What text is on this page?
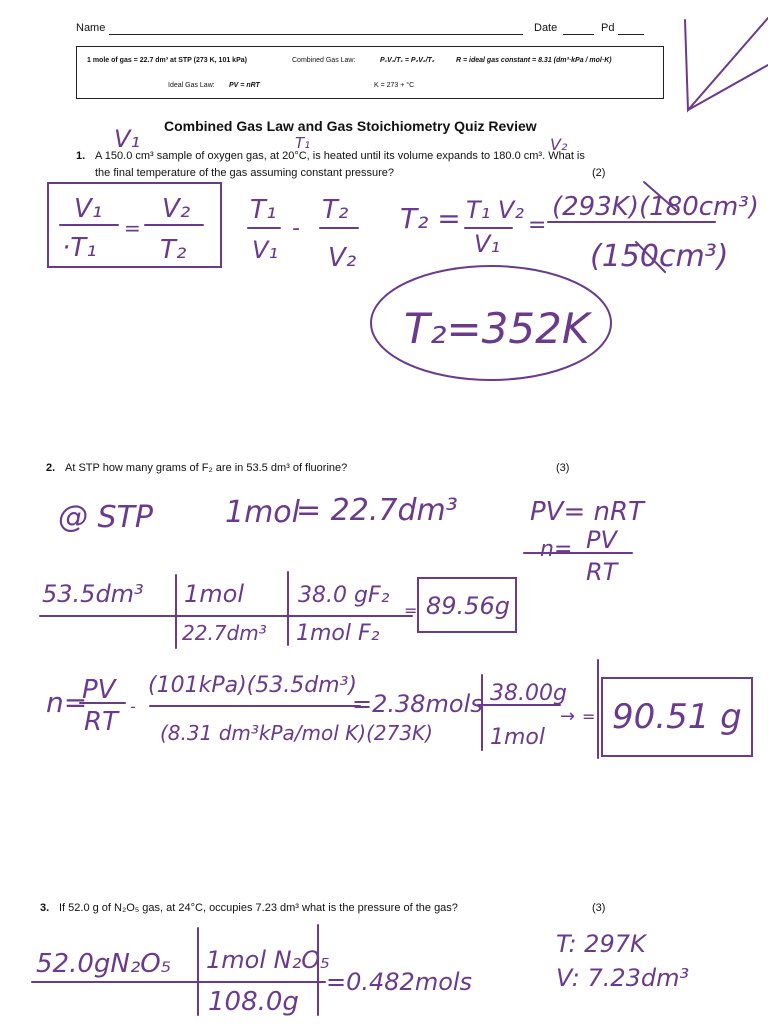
Name	Date	Pd
1 mole of gas = 22.7 dm³ at STP (273 K, 101 kPa)	Combined Gas Law:	P₁V₁/T₁ = P₂V₂/T₂	R = ideal gas constant = 8.31 (dm³·kPa / mol·K)
Ideal Gas Law: PV = nRT	K = 273 + °C
Combined Gas Law and Gas Stoichiometry Quiz Review
1. A 150.0 cm³ sample of oxygen gas, at 20°C, is heated until its volume expands to 180.0 cm³. What is
the final temperature of the gas assuming constant pressure?	(2)
2. At STP how many grams of F₂ are in 53.5 dm³ of fluorine?	(3)
3. If 52.0 g of N₂O₅ gas, at 24°C, occupies 7.23 dm³ what is the pressure of the gas?	(3)
V₁	T₁	V₂
V₁
·T₁
=
V₂
T₂
T₁
V₁
-
T₂
V₂
T₂ = T₁ V₂
V₁
=
(293K)(180cm³)
(150cm³)
T₂=352K
@ STP 1mol
= 22.7dm³	PV= nRT
n= PV
RT
53.5dm³ 1mol
22.7dm³
38.0 gF₂
1mol F₂
= 89.56g
n=
PV
RT
-
(101kPa)(53.5dm³)
(8.31 dm³kPa/mol K)(273K)
=2.38mols 38.00g
1mol
→ = 90.51 g
52.0gN₂O₅ 1mol N₂O₅
108.0g
=0.482mols
T: 297K
V: 7.23dm³
